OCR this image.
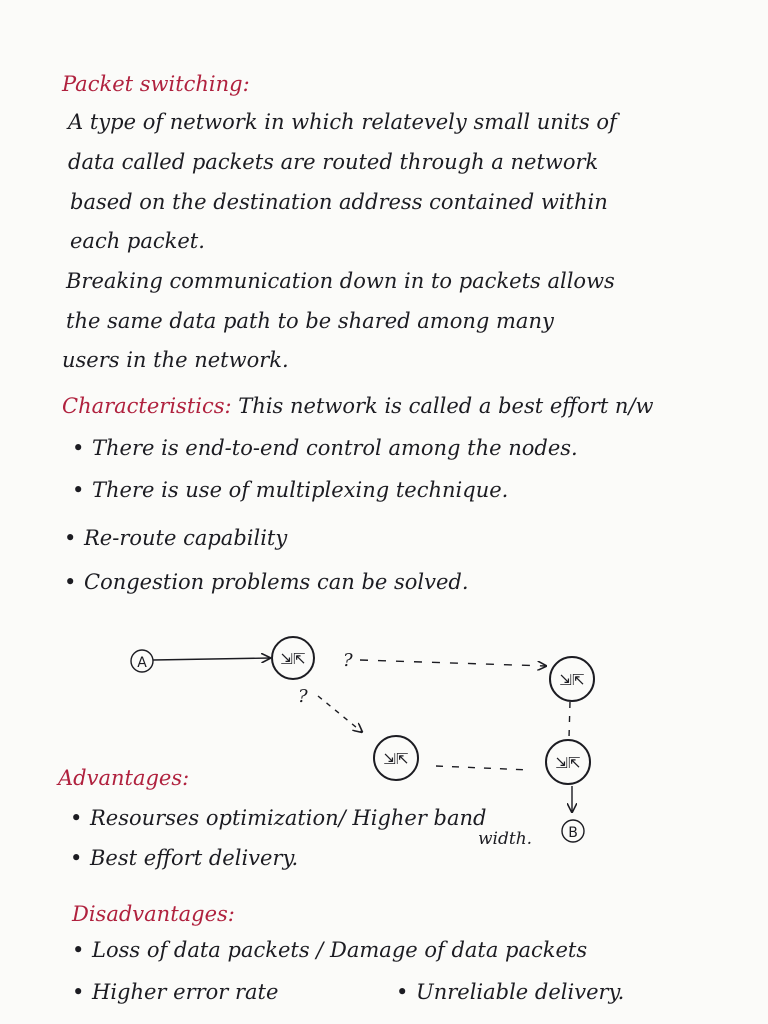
Packet switching:
A type of network in which relatevely small units of
data called packets are routed through a network
based on the destination address contained within
each packet.
Breaking communication down in to packets allows
the same data path to be shared among many
users in the network.
Characteristics: This network is called a best effort n/w
• There is end-to-end control among the nodes.
• There is use of multiplexing technique.
• Re-route capability
• Congestion problems can be solved.
A	⇲⇱
⇲⇱
⇲⇱	⇲⇱
?
?
B
Advantages:
• Resourses optimization/ Higher band
width.
• Best effort delivery.
Disadvantages:
• Loss of data packets / Damage of data packets
• Higher error rate	• Unreliable delivery.
